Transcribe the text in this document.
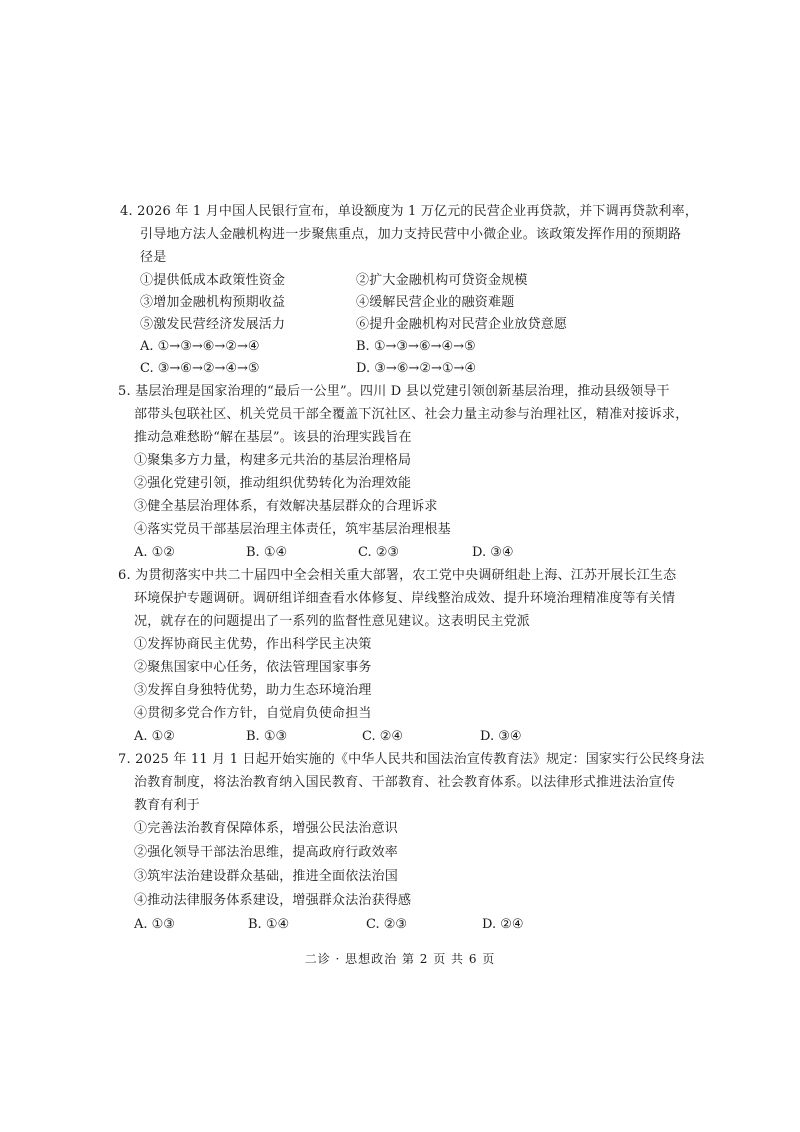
4. 2026 年 1 月中国人民银行宣布，单设额度为 1 万亿元的民营企业再贷款，并下调再贷款利率，
引导地方法人金融机构进一步聚焦重点，加力支持民营中小微企业。该政策发挥作用的预期路
径是
①提供低成本政策性资金	②扩大金融机构可贷资金规模
③增加金融机构预期收益	④缓解民营企业的融资难题
⑤激发民营经济发展活力	⑥提升金融机构对民营企业放贷意愿
A. ①→③→⑥→②→④	B. ①→③→⑥→④→⑤
C. ③→⑥→②→④→⑤	D. ③→⑥→②→①→④
5. 基层治理是国家治理的“最后一公里”。四川 D 县以党建引领创新基层治理，推动县级领导干
部带头包联社区、机关党员干部全覆盖下沉社区、社会力量主动参与治理社区，精准对接诉求，
推动急难愁盼“解在基层”。该县的治理实践旨在
①聚集多方力量，构建多元共治的基层治理格局
②强化党建引领，推动组织优势转化为治理效能
③健全基层治理体系，有效解决基层群众的合理诉求
④落实党员干部基层治理主体责任，筑牢基层治理根基
A. ①②	B. ①④	C. ②③	D. ③④
6. 为贯彻落实中共二十届四中全会相关重大部署，农工党中央调研组赴上海、江苏开展长江生态
环境保护专题调研。调研组详细查看水体修复、岸线整治成效、提升环境治理精准度等有关情
况，就存在的问题提出了一系列的监督性意见建议。这表明民主党派
①发挥协商民主优势，作出科学民主决策
②聚焦国家中心任务，依法管理国家事务
③发挥自身独特优势，助力生态环境治理
④贯彻多党合作方针，自觉肩负使命担当
A. ①②	B. ①③	C. ②④	D. ③④
7. 2025 年 11 月 1 日起开始实施的《中华人民共和国法治宣传教育法》规定：国家实行公民终身法
治教育制度，将法治教育纳入国民教育、干部教育、社会教育体系。以法律形式推进法治宣传
教育有利于
①完善法治教育保障体系，增强公民法治意识
②强化领导干部法治思维，提高政府行政效率
③筑牢法治建设群众基础，推进全面依法治国
④推动法律服务体系建设，增强群众法治获得感
A. ①③	B. ①④	C. ②③	D. ②④
二诊 · 思想政治 第 2 页 共 6 页
